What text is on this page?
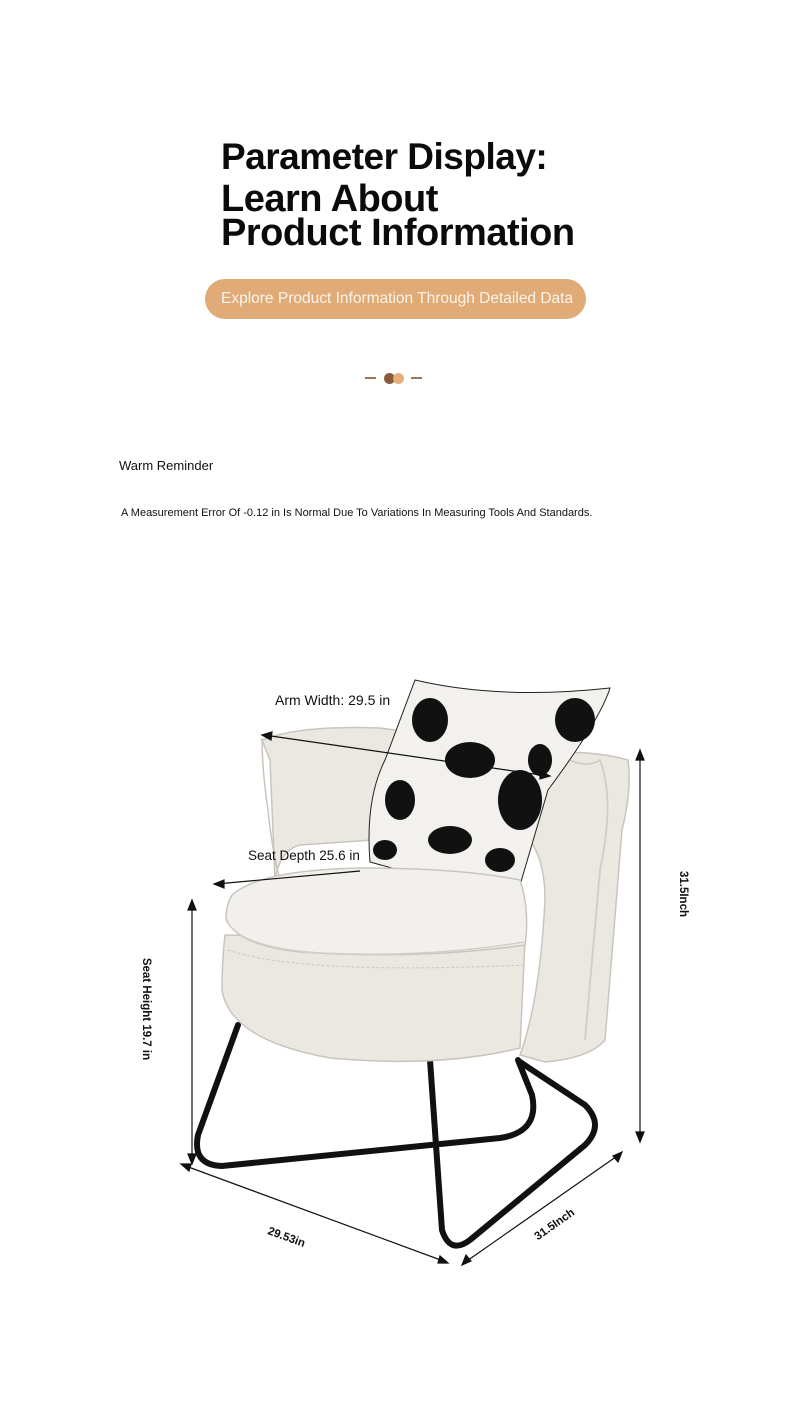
Parameter Display:
Learn About
Product Information
Explore Product Information Through Detailed Data
Warm Reminder
A Measurement Error Of -0.12 in Is Normal Due To Variations In Measuring Tools And Standards.
Arm Width: 29.5 in
Seat Depth 25.6 in
Seat Height 19.7 in
31.5Inch
29.53in	31.5Inch
